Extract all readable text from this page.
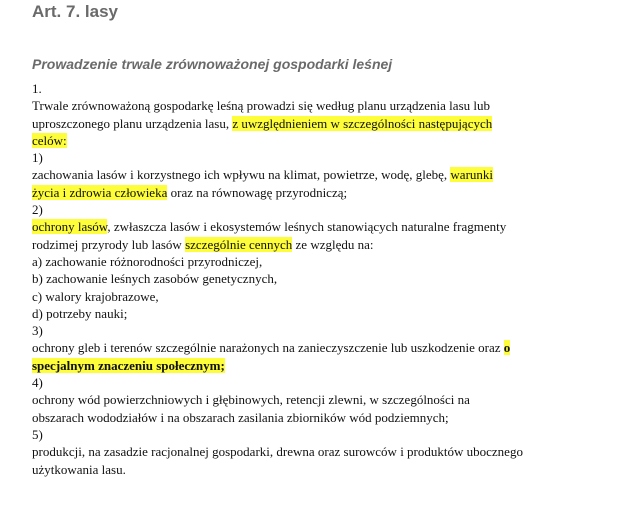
Art. 7. lasy
Prowadzenie trwale zrównoważonej gospodarki leśnej
1.
Trwale zrównoważoną gospodarkę leśną prowadzi się według planu urządzenia lasu lub
uproszczonego planu urządzenia lasu, z uwzględnieniem w szczególności następujących
celów:
1)
zachowania lasów i korzystnego ich wpływu na klimat, powietrze, wodę, glebę, warunki
życia i zdrowia człowieka oraz na równowagę przyrodniczą;
2)
ochrony lasów, zwłaszcza lasów i ekosystemów leśnych stanowiących naturalne fragmenty
rodzimej przyrody lub lasów szczególnie cennych ze względu na:
a) zachowanie różnorodności przyrodniczej,
b) zachowanie leśnych zasobów genetycznych,
c) walory krajobrazowe,
d) potrzeby nauki;
3)
ochrony gleb i terenów szczególnie narażonych na zanieczyszczenie lub uszkodzenie oraz o
specjalnym znaczeniu społecznym;
4)
ochrony wód powierzchniowych i głębinowych, retencji zlewni, w szczególności na
obszarach wododziałów i na obszarach zasilania zbiorników wód podziemnych;
5)
produkcji, na zasadzie racjonalnej gospodarki, drewna oraz surowców i produktów ubocznego
użytkowania lasu.
